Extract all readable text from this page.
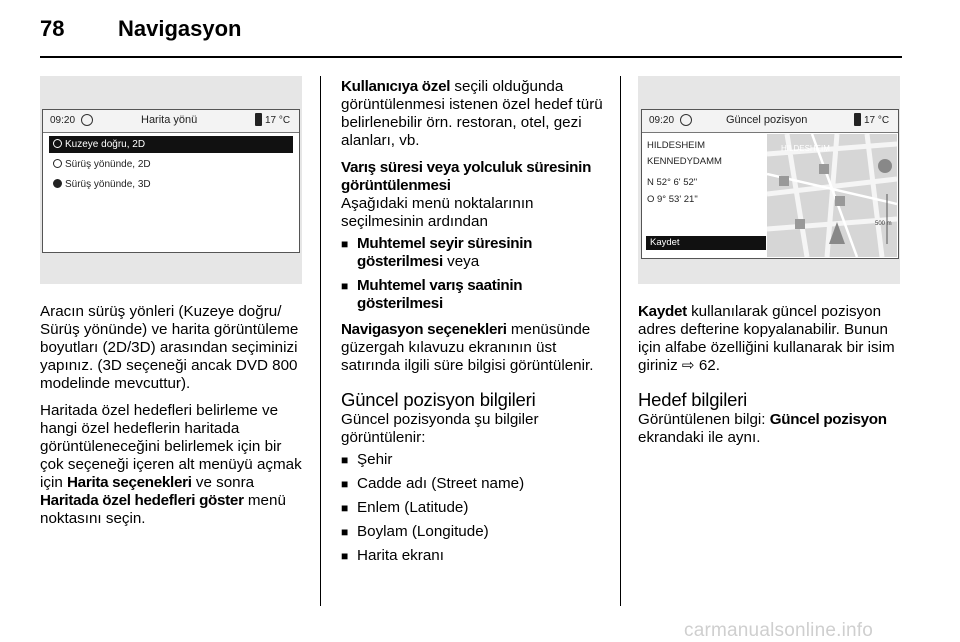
78 Navigasyon
09:20	Harita yönü	17 °C
Kuzeye doğru, 2D
Sürüş yönünde, 2D
Sürüş yönünde, 3D

Aracın sürüş yönleri (Kuzeye doğru/ Sürüş yönünde) ve harita görüntüleme boyutları (2D/3D) arasından seçiminizi yapınız. (3D seçeneği ancak DVD 800 modelinde mevcuttur).

Haritada özel hedefleri belirleme ve hangi özel hedeflerin haritada görüntüleneceğini belirlemek için bir çok seçeneği içeren alt menüyü açmak için Harita seçenekleri ve sonra Haritada özel hedefleri göster menü noktasını seçin.

Kullanıcıya özel seçili olduğunda görüntülenmesi istenen özel hedef türü belirlenebilir örn. restoran, otel, gezi alanları, vb.

Varış süresi veya yolculuk süresinin görüntülenmesi

Aşağıdaki menü noktalarının seçilmesinin ardından

■ Muhtemel seyir süresinin gösterilmesi veya
■ Muhtemel varış saatinin gösterilmesi

Navigasyon seçenekleri menüsünde güzergah kılavuzu ekranının üst satırında ilgili süre bilgisi görüntülenir.

Güncel pozisyon bilgileri

Güncel pozisyonda şu bilgiler görüntülenir:

■ Şehir
■ Cadde adı (Street name)
■ Enlem (Latitude)
■ Boylam (Longitude)
■ Harita ekranı
09:20	Güncel pozisyon	17 °C
HILDESHEIM
KENNEDYDAMM
N 52° 6' 52"
O 9° 53' 21"
Kaydet
HILDESHEIM
500 m

Kaydet kullanılarak güncel pozisyon adres defterine kopyalanabilir. Bunun için alfabe özelliğini kullanarak bir isim giriniz ⇨ 62.

Hedef bilgileri

Görüntülenen bilgi: Güncel pozisyon ekrandaki ile aynı.

carmanualsonline.info
